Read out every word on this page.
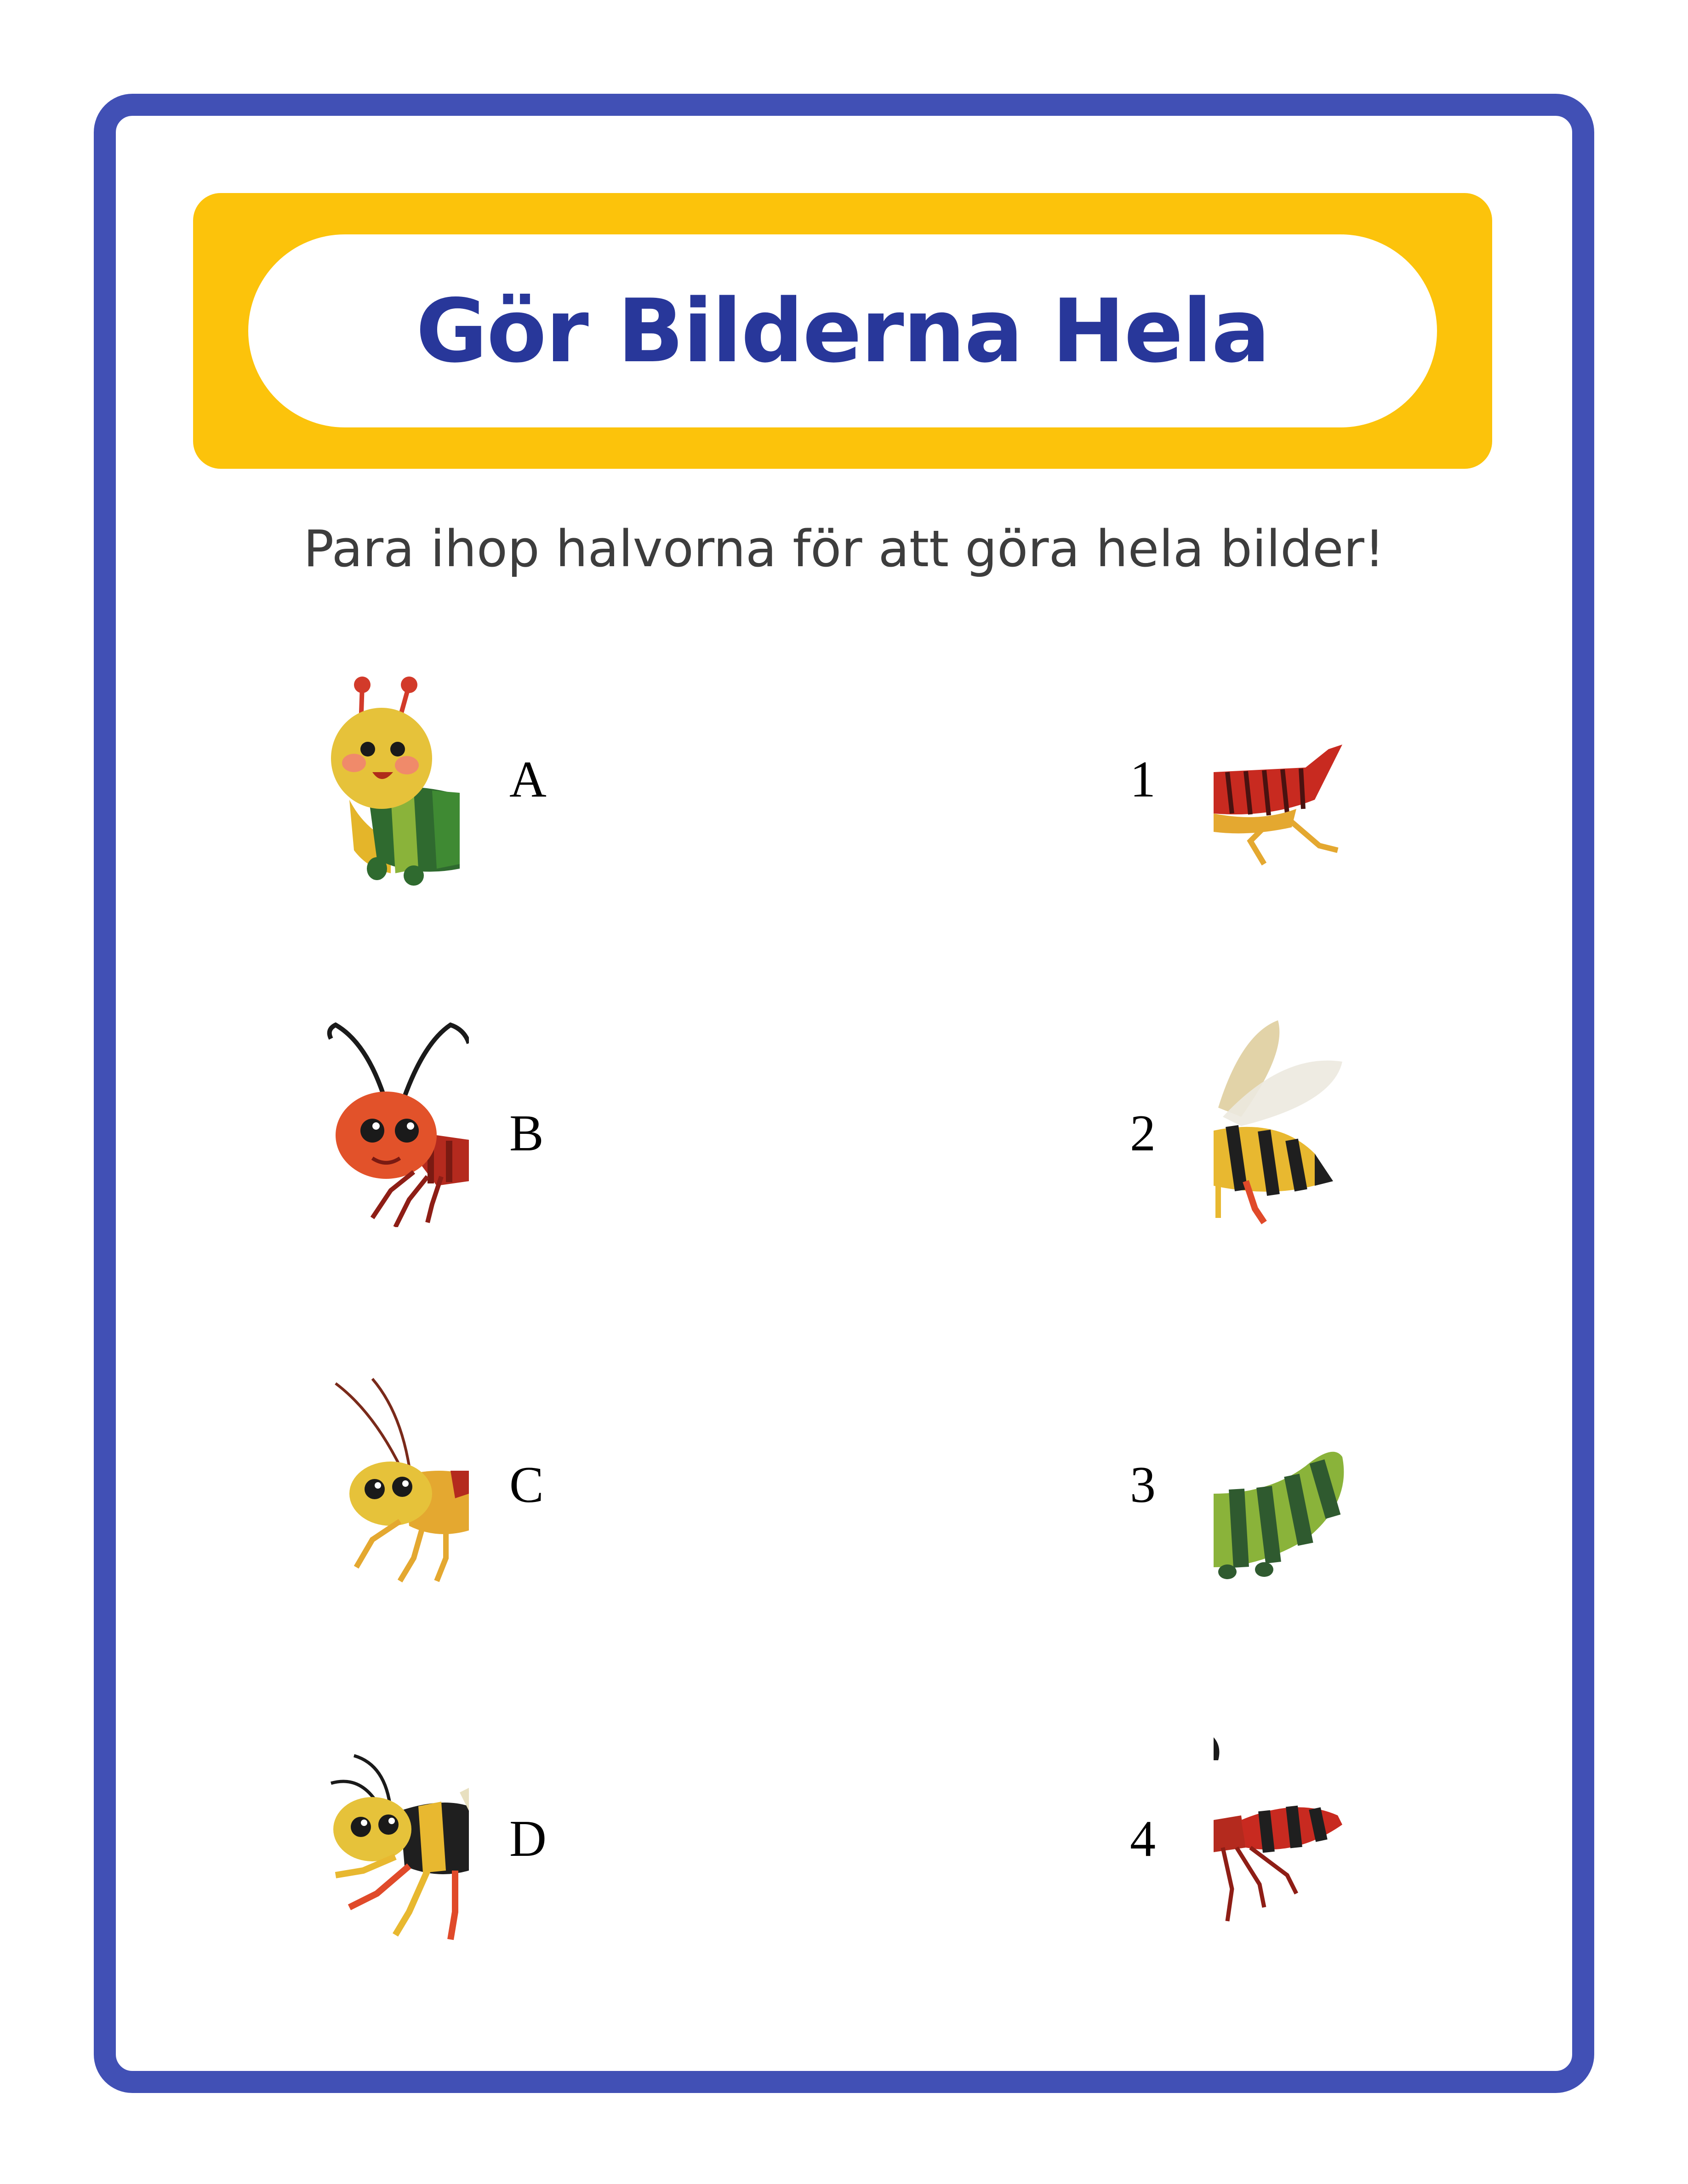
Gör Bilderna Hela
Para ihop halvorna för att göra hela bilder!
A
B
C
D
1
2
3
4
